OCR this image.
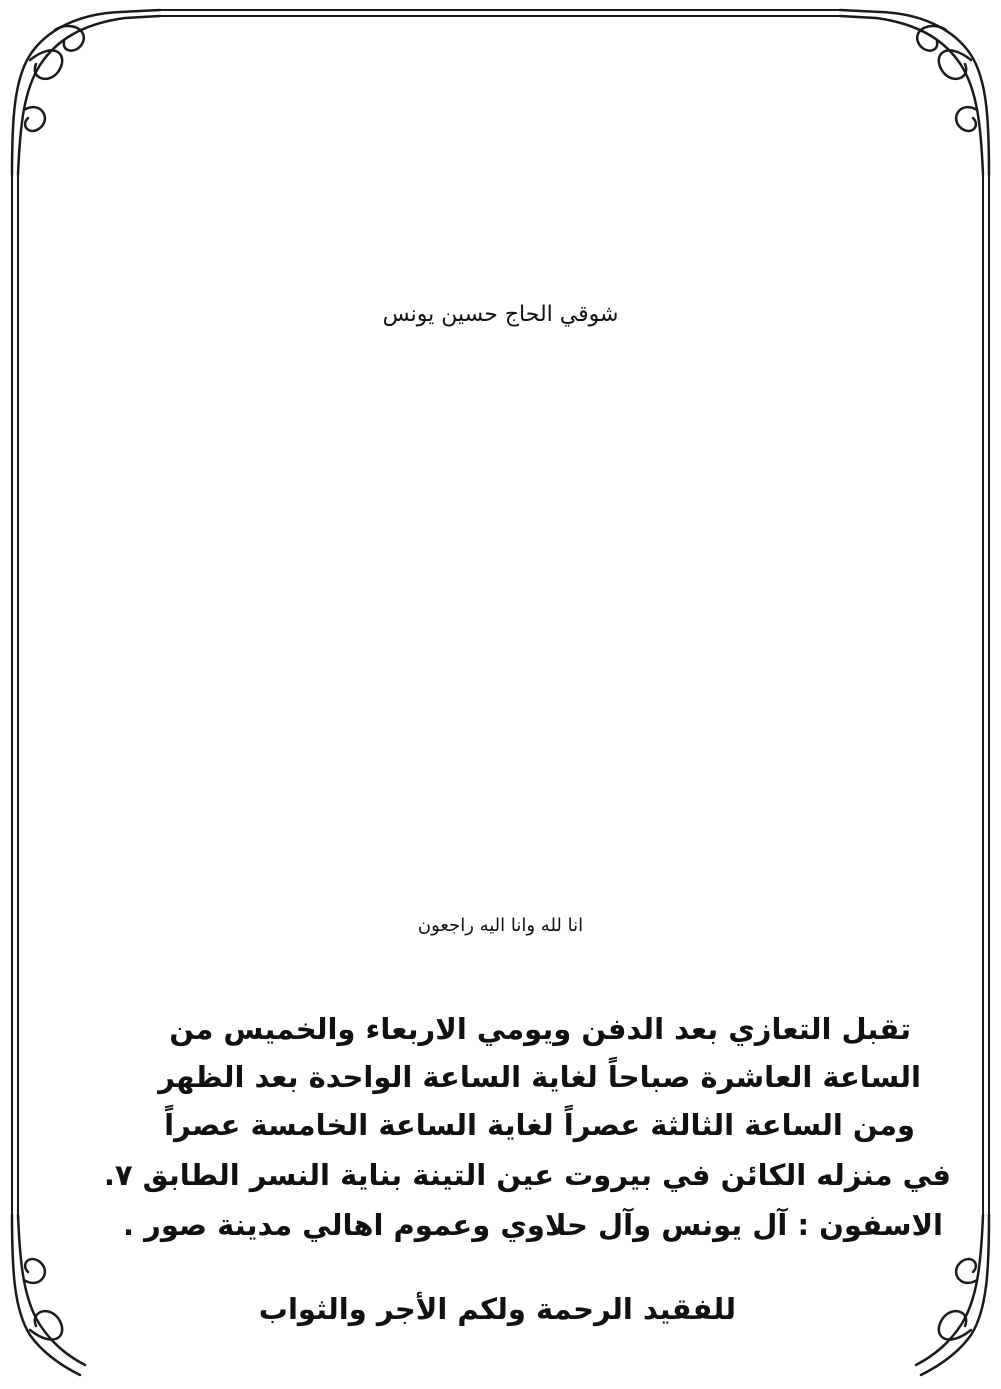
شوقي الحاج حسين يونس
انا لله وانا اليه راجعون
تقبل التعازي بعد الدفن ويومي الاربعاء والخميس من
الساعة العاشرة صباحاً لغاية الساعة الواحدة بعد الظهر
ومن الساعة الثالثة عصراً لغاية الساعة الخامسة عصراً
في منزله الكائن في بيروت عين التينة بناية النسر الطابق ٧.
الاسفون : آل يونس وآل حلاوي وعموم اهالي مدينة صور .
للفقيد الرحمة ولكم الأجر والثواب
